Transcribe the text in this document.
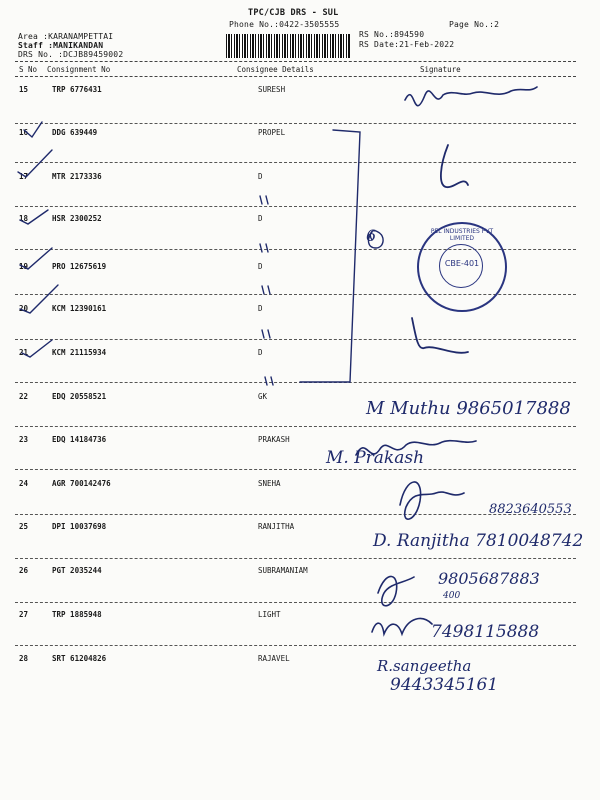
TPC/CJB DRS - SUL
Phone No.:0422-3505555	Page No.:2
Area :KARANAMPETTAI
Staff :MANIKANDAN
DRS No. :DCJB89459002
RS No.:894590
RS Date:21-Feb-2022
S No Consignment No	Consignee Details	Signature
15	TRP 6776431	SURESH
16	DDG 639449	PROPEL
17	MTR 2173336	D
18	HSR 2300252	D
19	PRO 12675619	D
20	KCM 12390161	D
21	KCM 21115934	D
22	EDQ 20558521	GK
23	EDQ 14184736	PRAKASH
24	AGR 700142476	SNEHA
25	DPI 10037698	RANJITHA
26	PGT 2035244	SUBRAMANIAM
27	TRP 1885948	LIGHT
28	SRT 61204826	RAJAVEL
6
M Muthu 9865017888
M. Prakash
8823640553
D. Ranjitha 7810048742
9805687883
400
7498115888
R.sangeetha
9443345161
PEL INDUSTRIES PVT LIMITED
CBE-401
